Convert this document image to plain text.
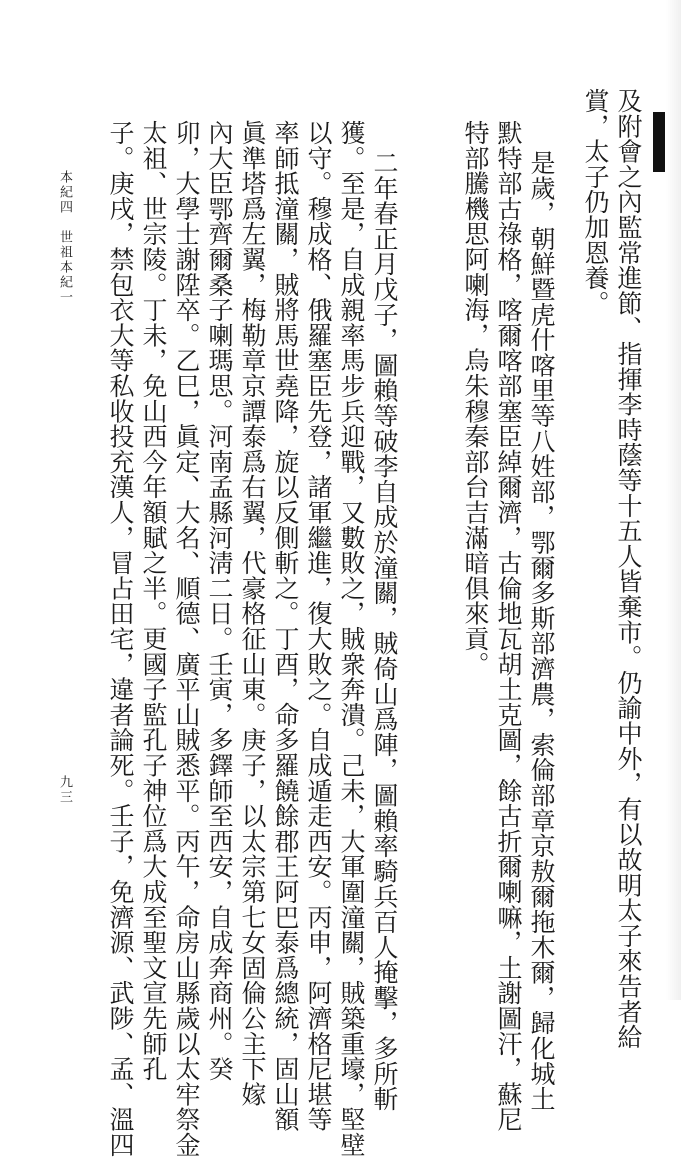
及附會之內監常進節、指揮李時蔭等十五人皆棄市。仍諭中外，有以故明太子來告者給
賞，太子仍加恩養。
是歲，朝鮮暨虎什喀里等八姓部，鄂爾多斯部濟農，索倫部章京敖爾拖木爾，歸化城土
默特部古祿格，喀爾喀部塞臣綽爾濟，古倫地瓦胡土克圖，餘古折爾喇嘛，土謝圖汗，蘇尼
特部騰機思阿喇海，烏朱穆秦部台吉滿暗俱來貢。
二年春正月戊子，圖賴等破李自成於潼關，賊倚山爲陣，圖賴率騎兵百人掩擊，多所斬
獲。至是，自成親率馬步兵迎戰，又數敗之，賊衆奔潰。己未，大軍圍潼關，賊築重壕，堅壁
以守。穆成格、俄羅塞臣先登，諸軍繼進，復大敗之。自成遁走西安。丙申，阿濟格尼堪等
率師抵潼關，賊將馬世堯降，旋以反側斬之。丁酉，命多羅饒餘郡王阿巴泰爲總統，固山額
眞準塔爲左翼，梅勒章京譚泰爲右翼，代豪格征山東。庚子，以太宗第七女固倫公主下嫁
內大臣鄂齊爾桑子喇瑪思。河南孟縣河淸二日。壬寅，多鐸師至西安，自成奔商州。癸
卯，大學士謝陞卒。乙巳，眞定、大名、順德、廣平山賊悉平。丙午，命房山縣歲以太牢祭金
太祖、世宗陵。丁未，免山西今年額賦之半。更國子監孔子神位爲大成至聖文宣先師孔
子。庚戌，禁包衣大等私收投充漢人，冒占田宅，違者論死。壬子，免濟源、武陟、孟、溫四
本紀四　世祖本紀一
九三
